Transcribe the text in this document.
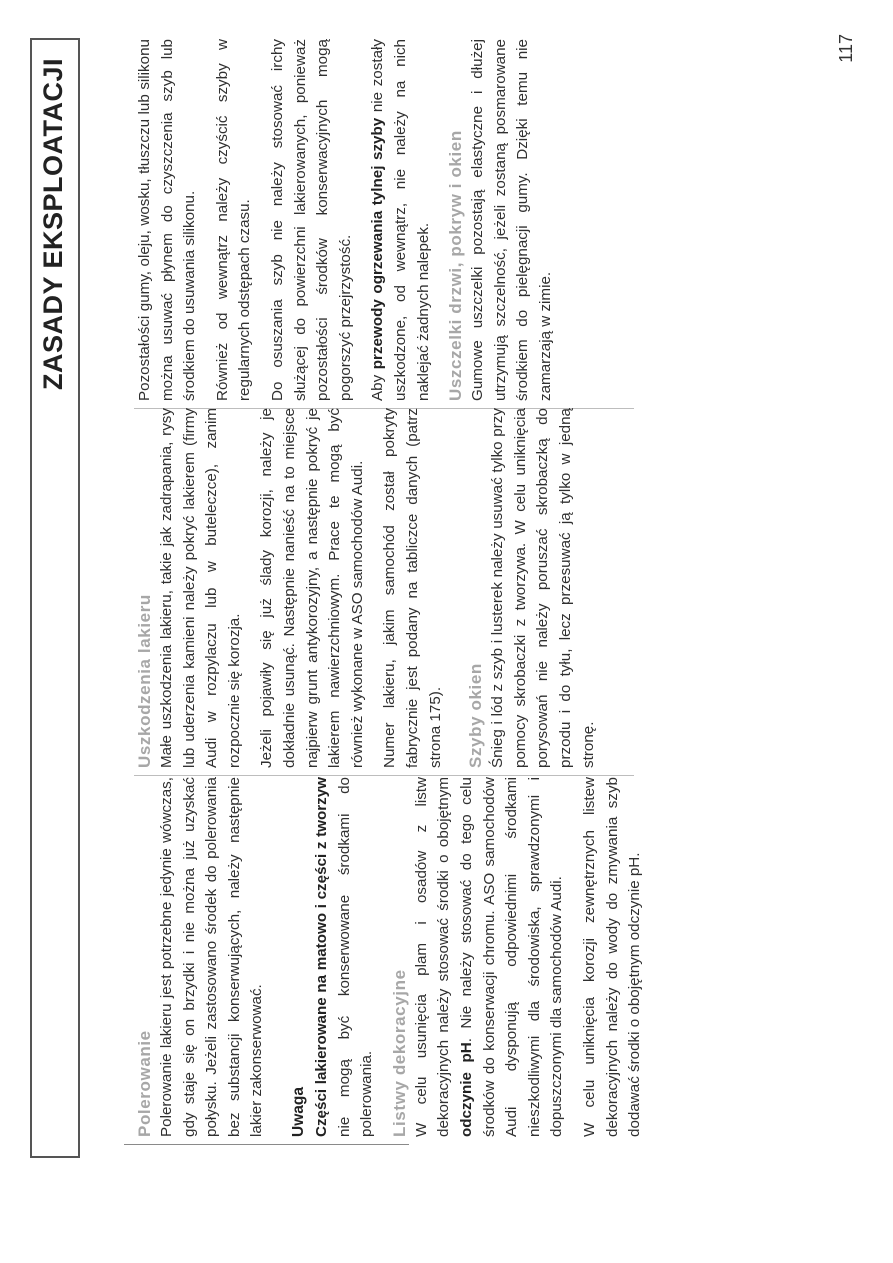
ZASADY EKSPLOATACJI
Polerowanie Polerowanie lakieru jest potrzebne jedynie wówczas, gdy staje się on brzydki i nie można już uzyskać połysku. Jeżeli zastosowano środek do polerowania bez substancji konserwujących, należy następnie lakier zakonserwować. Uwaga Części lakierowane na matowo i części z tworzyw nie mogą być konserwowane środkami do polerowania. Listwy dekoracyjne W celu usunięcia plam i osadów z listw dekoracyjnych należy stosować środki o obojętnym odczynie pH. Nie należy stosować do tego celu środków do konserwacji chromu. ASO samochodów Audi dysponują odpowiednimi środkami nieszkodliwymi dla środowiska, sprawdzonymi i dopuszczonymi dla samochodów Audi. W celu uniknięcia korozji zewnętrznych listew dekoracyjnych należy do wody do zmywania szyb dodawać środki o obojętnym odczynie pH.

Uszkodzenia lakieru Małe uszkodzenia lakieru, takie jak zadrapania, rysy lub uderzenia kamieni należy pokryć lakierem (firmy Audi w rozpylaczu lub w buteleczce), zanim rozpocznie się korozja. Jeżeli pojawiły się już ślady korozji, należy je dokładnie usunąć. Następnie nanieść na to miejsce najpierw grunt antykorozyjny, a następnie pokryć je lakierem nawierzchniowym. Prace te mogą być również wykonane w ASO samochodów Audi. Numer lakieru, jakim samochód został pokryty fabrycznie jest podany na tabliczce danych (patrz strona 175). Szyby okien Śnieg i lód z szyb i lusterek należy usuwać tylko przy pomocy skrobaczki z tworzywa. W celu uniknięcia porysowań nie należy poruszać skrobaczką do przodu i do tyłu, lecz przesuwać ją tylko w jedną stronę.

Pozostałości gumy, oleju, wosku, tłuszczu lub silikonu można usuwać płynem do czyszczenia szyb lub środkiem do usuwania silikonu. Również od wewnątrz należy czyścić szyby w regularnych odstępach czasu. Do osuszania szyb nie należy stosować irchy służącej do powierzchni lakierowanych, ponieważ pozostałości środków konserwacyjnych mogą pogorszyć przejrzystość. Aby przewody ogrzewania tylnej szyby nie zostały uszkodzone, od wewnątrz, nie należy na nich naklejać żadnych nalepek. Uszczelki drzwi, pokryw i okien Gumowe uszczelki pozostają elastyczne i dłużej utrzymują szczelność, jeżeli zostaną posmarowane środkiem do pielęgnacji gumy. Dzięki temu nie zamarzają w zimie.

117
